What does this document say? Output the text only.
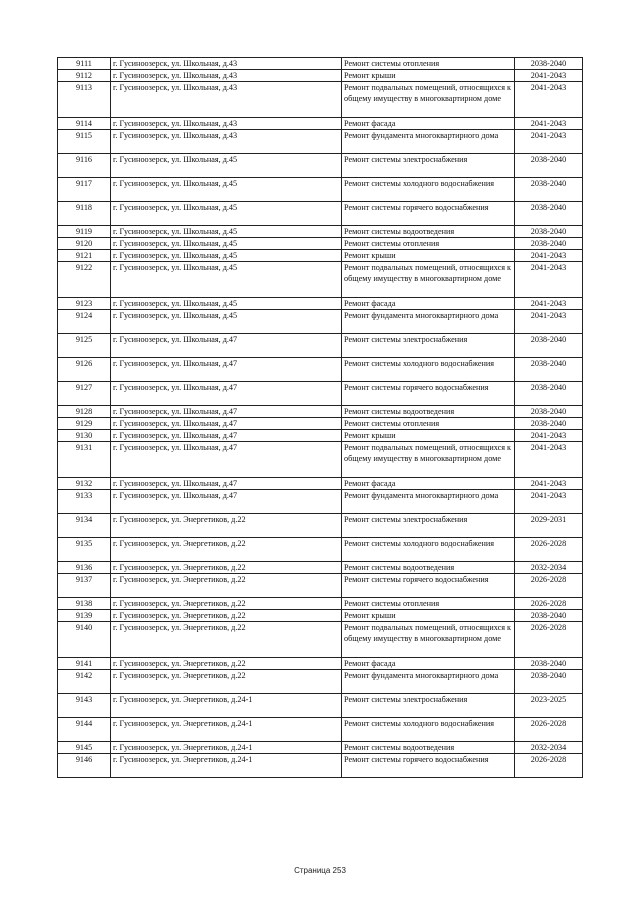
9111	г. Гусиноозерск, ул. Школьная, д.43	Ремонт системы отопления	2038-2040
9112	г. Гусиноозерск, ул. Школьная, д.43	Ремонт крыши	2041-2043
9113	г. Гусиноозерск, ул. Школьная, д.43	Ремонт подвальных помещений, относящихся к общему имуществу в многоквартирном доме	2041-2043
9114	г. Гусиноозерск, ул. Школьная, д.43	Ремонт фасада	2041-2043
9115	г. Гусиноозерск, ул. Школьная, д.43	Ремонт фундамента многоквартирного дома	2041-2043
9116	г. Гусиноозерск, ул. Школьная, д.45	Ремонт системы электроснабжения	2038-2040
9117	г. Гусиноозерск, ул. Школьная, д.45	Ремонт системы холодного водоснабжения	2038-2040
9118	г. Гусиноозерск, ул. Школьная, д.45	Ремонт системы горячего водоснабжения	2038-2040
9119	г. Гусиноозерск, ул. Школьная, д.45	Ремонт системы водоотведения	2038-2040
9120	г. Гусиноозерск, ул. Школьная, д.45	Ремонт системы отопления	2038-2040
9121	г. Гусиноозерск, ул. Школьная, д.45	Ремонт крыши	2041-2043
9122	г. Гусиноозерск, ул. Школьная, д.45	Ремонт подвальных помещений, относящихся к общему имуществу в многоквартирном доме	2041-2043
9123	г. Гусиноозерск, ул. Школьная, д.45	Ремонт фасада	2041-2043
9124	г. Гусиноозерск, ул. Школьная, д.45	Ремонт фундамента многоквартирного дома	2041-2043
9125	г. Гусиноозерск, ул. Школьная, д.47	Ремонт системы электроснабжения	2038-2040
9126	г. Гусиноозерск, ул. Школьная, д.47	Ремонт системы холодного водоснабжения	2038-2040
9127	г. Гусиноозерск, ул. Школьная, д.47	Ремонт системы горячего водоснабжения	2038-2040
9128	г. Гусиноозерск, ул. Школьная, д.47	Ремонт системы водоотведения	2038-2040
9129	г. Гусиноозерск, ул. Школьная, д.47	Ремонт системы отопления	2038-2040
9130	г. Гусиноозерск, ул. Школьная, д.47	Ремонт крыши	2041-2043
9131	г. Гусиноозерск, ул. Школьная, д.47	Ремонт подвальных помещений, относящихся к общему имуществу в многоквартирном доме	2041-2043
9132	г. Гусиноозерск, ул. Школьная, д.47	Ремонт фасада	2041-2043
9133	г. Гусиноозерск, ул. Школьная, д.47	Ремонт фундамента многоквартирного дома	2041-2043
9134	г. Гусиноозерск, ул. Энергетиков, д.22	Ремонт системы электроснабжения	2029-2031
9135	г. Гусиноозерск, ул. Энергетиков, д.22	Ремонт системы холодного водоснабжения	2026-2028
9136	г. Гусиноозерск, ул. Энергетиков, д.22	Ремонт системы водоотведения	2032-2034
9137	г. Гусиноозерск, ул. Энергетиков, д.22	Ремонт системы горячего водоснабжения	2026-2028
9138	г. Гусиноозерск, ул. Энергетиков, д.22	Ремонт системы отопления	2026-2028
9139	г. Гусиноозерск, ул. Энергетиков, д.22	Ремонт крыши	2038-2040
9140	г. Гусиноозерск, ул. Энергетиков, д.22	Ремонт подвальных помещений, относящихся к общему имуществу в многоквартирном доме	2026-2028
9141	г. Гусиноозерск, ул. Энергетиков, д.22	Ремонт фасада	2038-2040
9142	г. Гусиноозерск, ул. Энергетиков, д.22	Ремонт фундамента многоквартирного дома	2038-2040
9143	г. Гусиноозерск, ул. Энергетиков, д.24-1	Ремонт системы электроснабжения	2023-2025
9144	г. Гусиноозерск, ул. Энергетиков, д.24-1	Ремонт системы холодного водоснабжения	2026-2028
9145	г. Гусиноозерск, ул. Энергетиков, д.24-1	Ремонт системы водоотведения	2032-2034
9146	г. Гусиноозерск, ул. Энергетиков, д.24-1	Ремонт системы горячего водоснабжения	2026-2028
Страница 253
